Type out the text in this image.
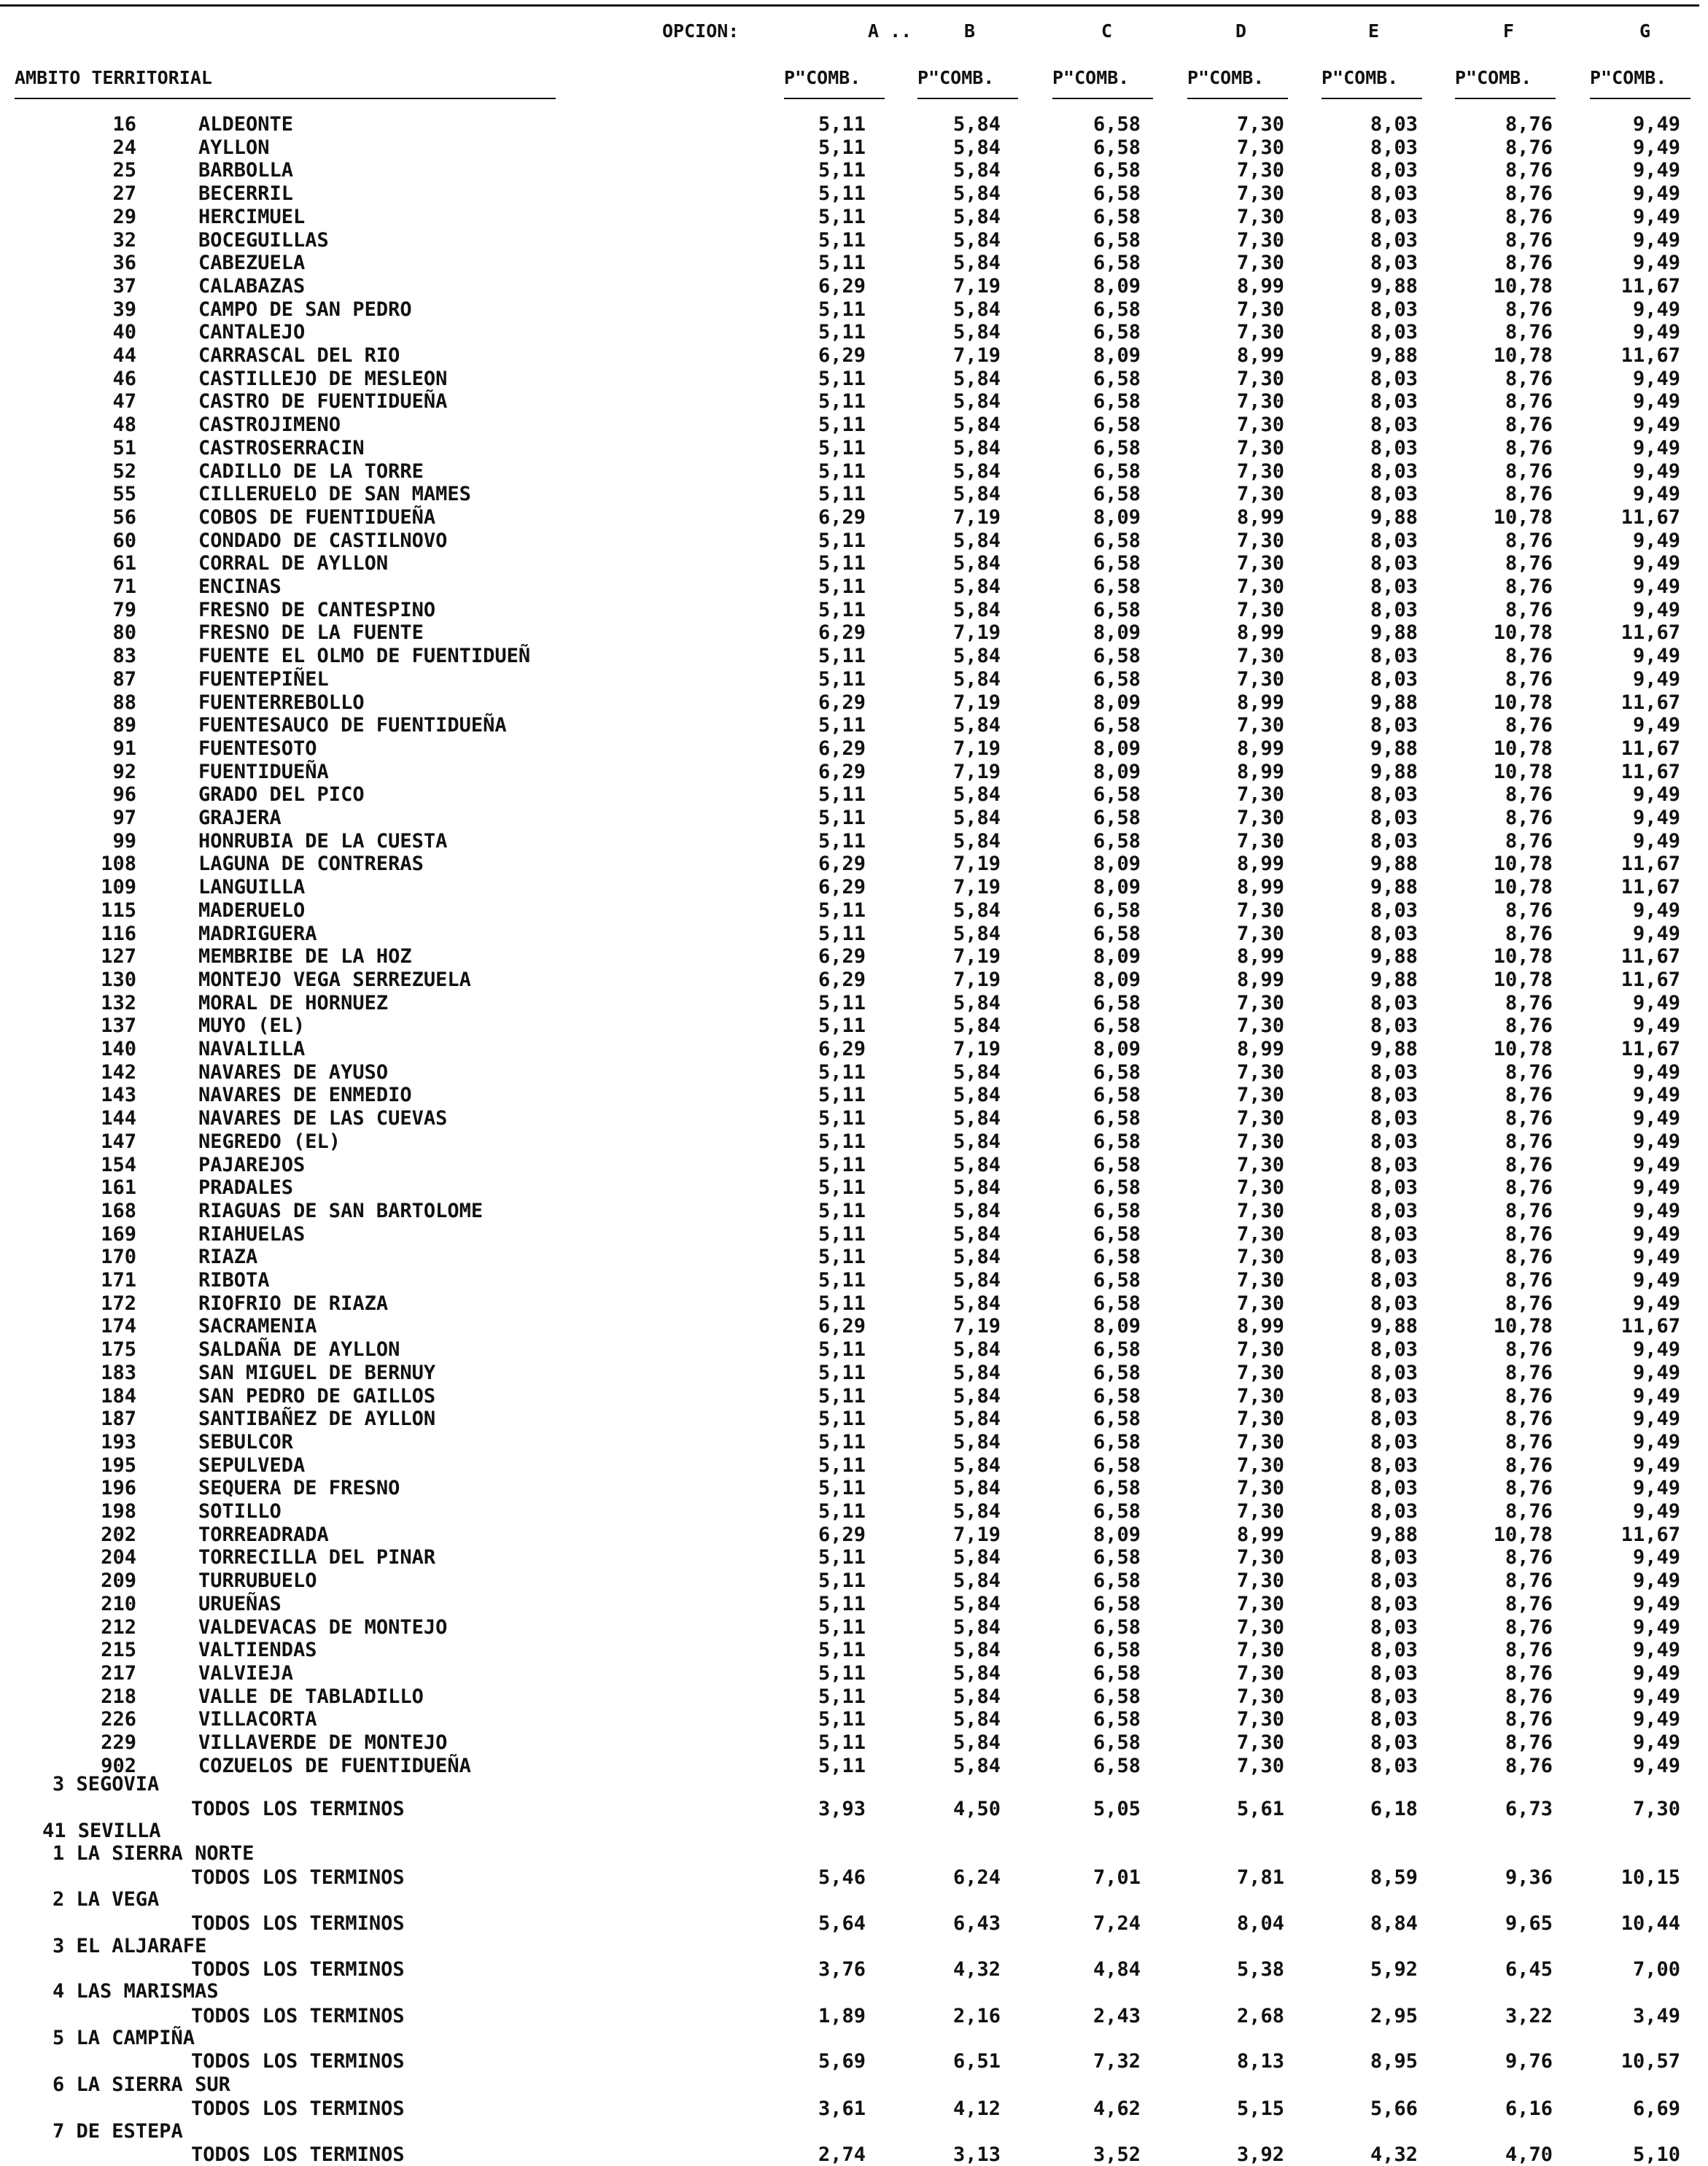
OPCION:	A ..	B	C	D	E	F	G
AMBITO TERRITORIAL	P"COMB.	P"COMB.	P"COMB.	P"COMB.	P"COMB.	P"COMB.	P"COMB.
16	ALDEONTE	5,11	5,84	6,58	7,30	8,03	8,76	9,49
24	AYLLON	5,11	5,84	6,58	7,30	8,03	8,76	9,49
25	BARBOLLA	5,11	5,84	6,58	7,30	8,03	8,76	9,49
27	BECERRIL	5,11	5,84	6,58	7,30	8,03	8,76	9,49
29	HERCIMUEL	5,11	5,84	6,58	7,30	8,03	8,76	9,49
32	BOCEGUILLAS	5,11	5,84	6,58	7,30	8,03	8,76	9,49
36	CABEZUELA	5,11	5,84	6,58	7,30	8,03	8,76	9,49
37	CALABAZAS	6,29	7,19	8,09	8,99	9,88	10,78	11,67
39	CAMPO DE SAN PEDRO	5,11	5,84	6,58	7,30	8,03	8,76	9,49
40	CANTALEJO	5,11	5,84	6,58	7,30	8,03	8,76	9,49
44	CARRASCAL DEL RIO	6,29	7,19	8,09	8,99	9,88	10,78	11,67
46	CASTILLEJO DE MESLEON	5,11	5,84	6,58	7,30	8,03	8,76	9,49
47	CASTRO DE FUENTIDUEÑA	5,11	5,84	6,58	7,30	8,03	8,76	9,49
48	CASTROJIMENO	5,11	5,84	6,58	7,30	8,03	8,76	9,49
51	CASTROSERRACIN	5,11	5,84	6,58	7,30	8,03	8,76	9,49
52	CADILLO DE LA TORRE	5,11	5,84	6,58	7,30	8,03	8,76	9,49
55	CILLERUELO DE SAN MAMES	5,11	5,84	6,58	7,30	8,03	8,76	9,49
56	COBOS DE FUENTIDUEÑA	6,29	7,19	8,09	8,99	9,88	10,78	11,67
60	CONDADO DE CASTILNOVO	5,11	5,84	6,58	7,30	8,03	8,76	9,49
61	CORRAL DE AYLLON	5,11	5,84	6,58	7,30	8,03	8,76	9,49
71	ENCINAS	5,11	5,84	6,58	7,30	8,03	8,76	9,49
79	FRESNO DE CANTESPINO	5,11	5,84	6,58	7,30	8,03	8,76	9,49
80	FRESNO DE LA FUENTE	6,29	7,19	8,09	8,99	9,88	10,78	11,67
83	FUENTE EL OLMO DE FUENTIDUEÑ	5,11	5,84	6,58	7,30	8,03	8,76	9,49
87	FUENTEPIÑEL	5,11	5,84	6,58	7,30	8,03	8,76	9,49
88	FUENTERREBOLLO	6,29	7,19	8,09	8,99	9,88	10,78	11,67
89	FUENTESAUCO DE FUENTIDUEÑA	5,11	5,84	6,58	7,30	8,03	8,76	9,49
91	FUENTESOTO	6,29	7,19	8,09	8,99	9,88	10,78	11,67
92	FUENTIDUEÑA	6,29	7,19	8,09	8,99	9,88	10,78	11,67
96	GRADO DEL PICO	5,11	5,84	6,58	7,30	8,03	8,76	9,49
97	GRAJERA	5,11	5,84	6,58	7,30	8,03	8,76	9,49
99	HONRUBIA DE LA CUESTA	5,11	5,84	6,58	7,30	8,03	8,76	9,49
108	LAGUNA DE CONTRERAS	6,29	7,19	8,09	8,99	9,88	10,78	11,67
109	LANGUILLA	6,29	7,19	8,09	8,99	9,88	10,78	11,67
115	MADERUELO	5,11	5,84	6,58	7,30	8,03	8,76	9,49
116	MADRIGUERA	5,11	5,84	6,58	7,30	8,03	8,76	9,49
127	MEMBRIBE DE LA HOZ	6,29	7,19	8,09	8,99	9,88	10,78	11,67
130	MONTEJO VEGA SERREZUELA	6,29	7,19	8,09	8,99	9,88	10,78	11,67
132	MORAL DE HORNUEZ	5,11	5,84	6,58	7,30	8,03	8,76	9,49
137	MUYO (EL)	5,11	5,84	6,58	7,30	8,03	8,76	9,49
140	NAVALILLA	6,29	7,19	8,09	8,99	9,88	10,78	11,67
142	NAVARES DE AYUSO	5,11	5,84	6,58	7,30	8,03	8,76	9,49
143	NAVARES DE ENMEDIO	5,11	5,84	6,58	7,30	8,03	8,76	9,49
144	NAVARES DE LAS CUEVAS	5,11	5,84	6,58	7,30	8,03	8,76	9,49
147	NEGREDO (EL)	5,11	5,84	6,58	7,30	8,03	8,76	9,49
154	PAJAREJOS	5,11	5,84	6,58	7,30	8,03	8,76	9,49
161	PRADALES	5,11	5,84	6,58	7,30	8,03	8,76	9,49
168	RIAGUAS DE SAN BARTOLOME	5,11	5,84	6,58	7,30	8,03	8,76	9,49
169	RIAHUELAS	5,11	5,84	6,58	7,30	8,03	8,76	9,49
170	RIAZA	5,11	5,84	6,58	7,30	8,03	8,76	9,49
171	RIBOTA	5,11	5,84	6,58	7,30	8,03	8,76	9,49
172	RIOFRIO DE RIAZA	5,11	5,84	6,58	7,30	8,03	8,76	9,49
174	SACRAMENIA	6,29	7,19	8,09	8,99	9,88	10,78	11,67
175	SALDAÑA DE AYLLON	5,11	5,84	6,58	7,30	8,03	8,76	9,49
183	SAN MIGUEL DE BERNUY	5,11	5,84	6,58	7,30	8,03	8,76	9,49
184	SAN PEDRO DE GAILLOS	5,11	5,84	6,58	7,30	8,03	8,76	9,49
187	SANTIBAÑEZ DE AYLLON	5,11	5,84	6,58	7,30	8,03	8,76	9,49
193	SEBULCOR	5,11	5,84	6,58	7,30	8,03	8,76	9,49
195	SEPULVEDA	5,11	5,84	6,58	7,30	8,03	8,76	9,49
196	SEQUERA DE FRESNO	5,11	5,84	6,58	7,30	8,03	8,76	9,49
198	SOTILLO	5,11	5,84	6,58	7,30	8,03	8,76	9,49
202	TORREADRADA	6,29	7,19	8,09	8,99	9,88	10,78	11,67
204	TORRECILLA DEL PINAR	5,11	5,84	6,58	7,30	8,03	8,76	9,49
209	TURRUBUELO	5,11	5,84	6,58	7,30	8,03	8,76	9,49
210	URUEÑAS	5,11	5,84	6,58	7,30	8,03	8,76	9,49
212	VALDEVACAS DE MONTEJO	5,11	5,84	6,58	7,30	8,03	8,76	9,49
215	VALTIENDAS	5,11	5,84	6,58	7,30	8,03	8,76	9,49
217	VALVIEJA	5,11	5,84	6,58	7,30	8,03	8,76	9,49
218	VALLE DE TABLADILLO	5,11	5,84	6,58	7,30	8,03	8,76	9,49
226	VILLACORTA	5,11	5,84	6,58	7,30	8,03	8,76	9,49
229	VILLAVERDE DE MONTEJO	5,11	5,84	6,58	7,30	8,03	8,76	9,49
902	COZUELOS DE FUENTIDUEÑA	5,11	5,84	6,58	7,30	8,03	8,76	9,49
3 SEGOVIA
TODOS LOS TERMINOS	3,93	4,50	5,05	5,61	6,18	6,73	7,30
41 SEVILLA
1 LA SIERRA NORTE
TODOS LOS TERMINOS	5,46	6,24	7,01	7,81	8,59	9,36	10,15
2 LA VEGA
TODOS LOS TERMINOS	5,64	6,43	7,24	8,04	8,84	9,65	10,44
3 EL ALJARAFE
TODOS LOS TERMINOS	3,76	4,32	4,84	5,38	5,92	6,45	7,00
4 LAS MARISMAS
TODOS LOS TERMINOS	1,89	2,16	2,43	2,68	2,95	3,22	3,49
5 LA CAMPIÑA
TODOS LOS TERMINOS	5,69	6,51	7,32	8,13	8,95	9,76	10,57
6 LA SIERRA SUR
TODOS LOS TERMINOS	3,61	4,12	4,62	5,15	5,66	6,16	6,69
7 DE ESTEPA
TODOS LOS TERMINOS	2,74	3,13	3,52	3,92	4,32	4,70	5,10
